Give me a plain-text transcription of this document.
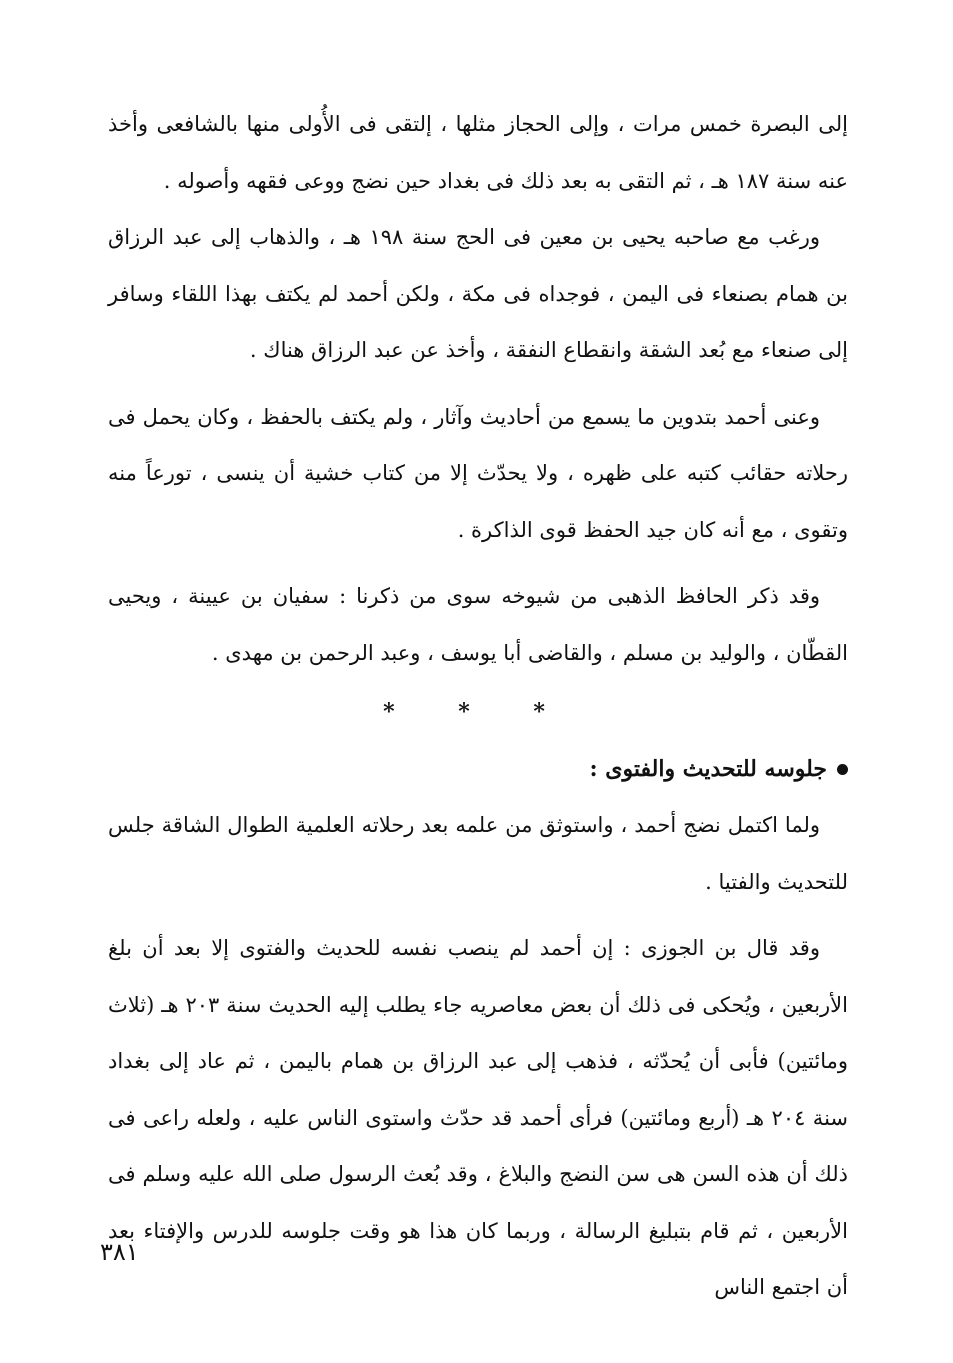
إلى البصرة خمس مرات ، وإلى الحجاز مثلها ، إلتقى فى الأُولى منها بالشافعى وأخذ عنه سنة ١٨٧ هـ ، ثم التقى به بعد ذلك فى بغداد حين نضج ووعى فقهه وأصوله .

ورغب مع صاحبه يحيى بن معين فى الحج سنة ١٩٨ هـ ، والذهاب إلى عبد الرزاق بن همام بصنعاء فى اليمن ، فوجداه فى مكة ، ولكن أحمد لم يكتف بهذا اللقاء وسافر إلى صنعاء مع بُعد الشقة وانقطاع النفقة ، وأخذ عن عبد الرزاق هناك .

وعنى أحمد بتدوين ما يسمع من أحاديث وآثار ، ولم يكتف بالحفظ ، وكان يحمل فى رحلاته حقائب كتبه على ظهره ، ولا يحدّث إلا من كتاب خشية أن ينسى ، تورعاً منه وتقوى ، مع أنه كان جيد الحفظ قوى الذاكرة .

وقد ذكر الحافظ الذهبى من شيوخه سوى من ذكرنا : سفيان بن عيينة ، ويحيى القطّان ، والوليد بن مسلم ، والقاضى أبا يوسف ، وعبد الرحمن بن مهدى .

* * *
جلوسه للتحديث والفتوى :

ولما اكتمل نضج أحمد ، واستوثق من علمه بعد رحلاته العلمية الطوال الشاقة جلس للتحديث والفتيا .

وقد قال بن الجوزى : إن أحمد لم ينصب نفسه للحديث والفتوى إلا بعد أن بلغ الأربعين ، ويُحكى فى ذلك أن بعض معاصريه جاء يطلب إليه الحديث سنة ٢٠٣ هـ (ثلاث ومائتين) فأبى أن يُحدّثه ، فذهب إلى عبد الرزاق بن همام باليمن ، ثم عاد إلى بغداد سنة ٢٠٤ هـ (أربع ومائتين) فرأى أحمد قد حدّث واستوى الناس عليه ، ولعله راعى فى ذلك أن هذه السن هى سن النضج والبلاغ ، وقد بُعث الرسول صلى الله عليه وسلم فى الأربعين ، ثم قام بتبليغ الرسالة ، وربما كان هذا هو وقت جلوسه للدرس والإفتاء بعد أن اجتمع الناس

٣٨١
